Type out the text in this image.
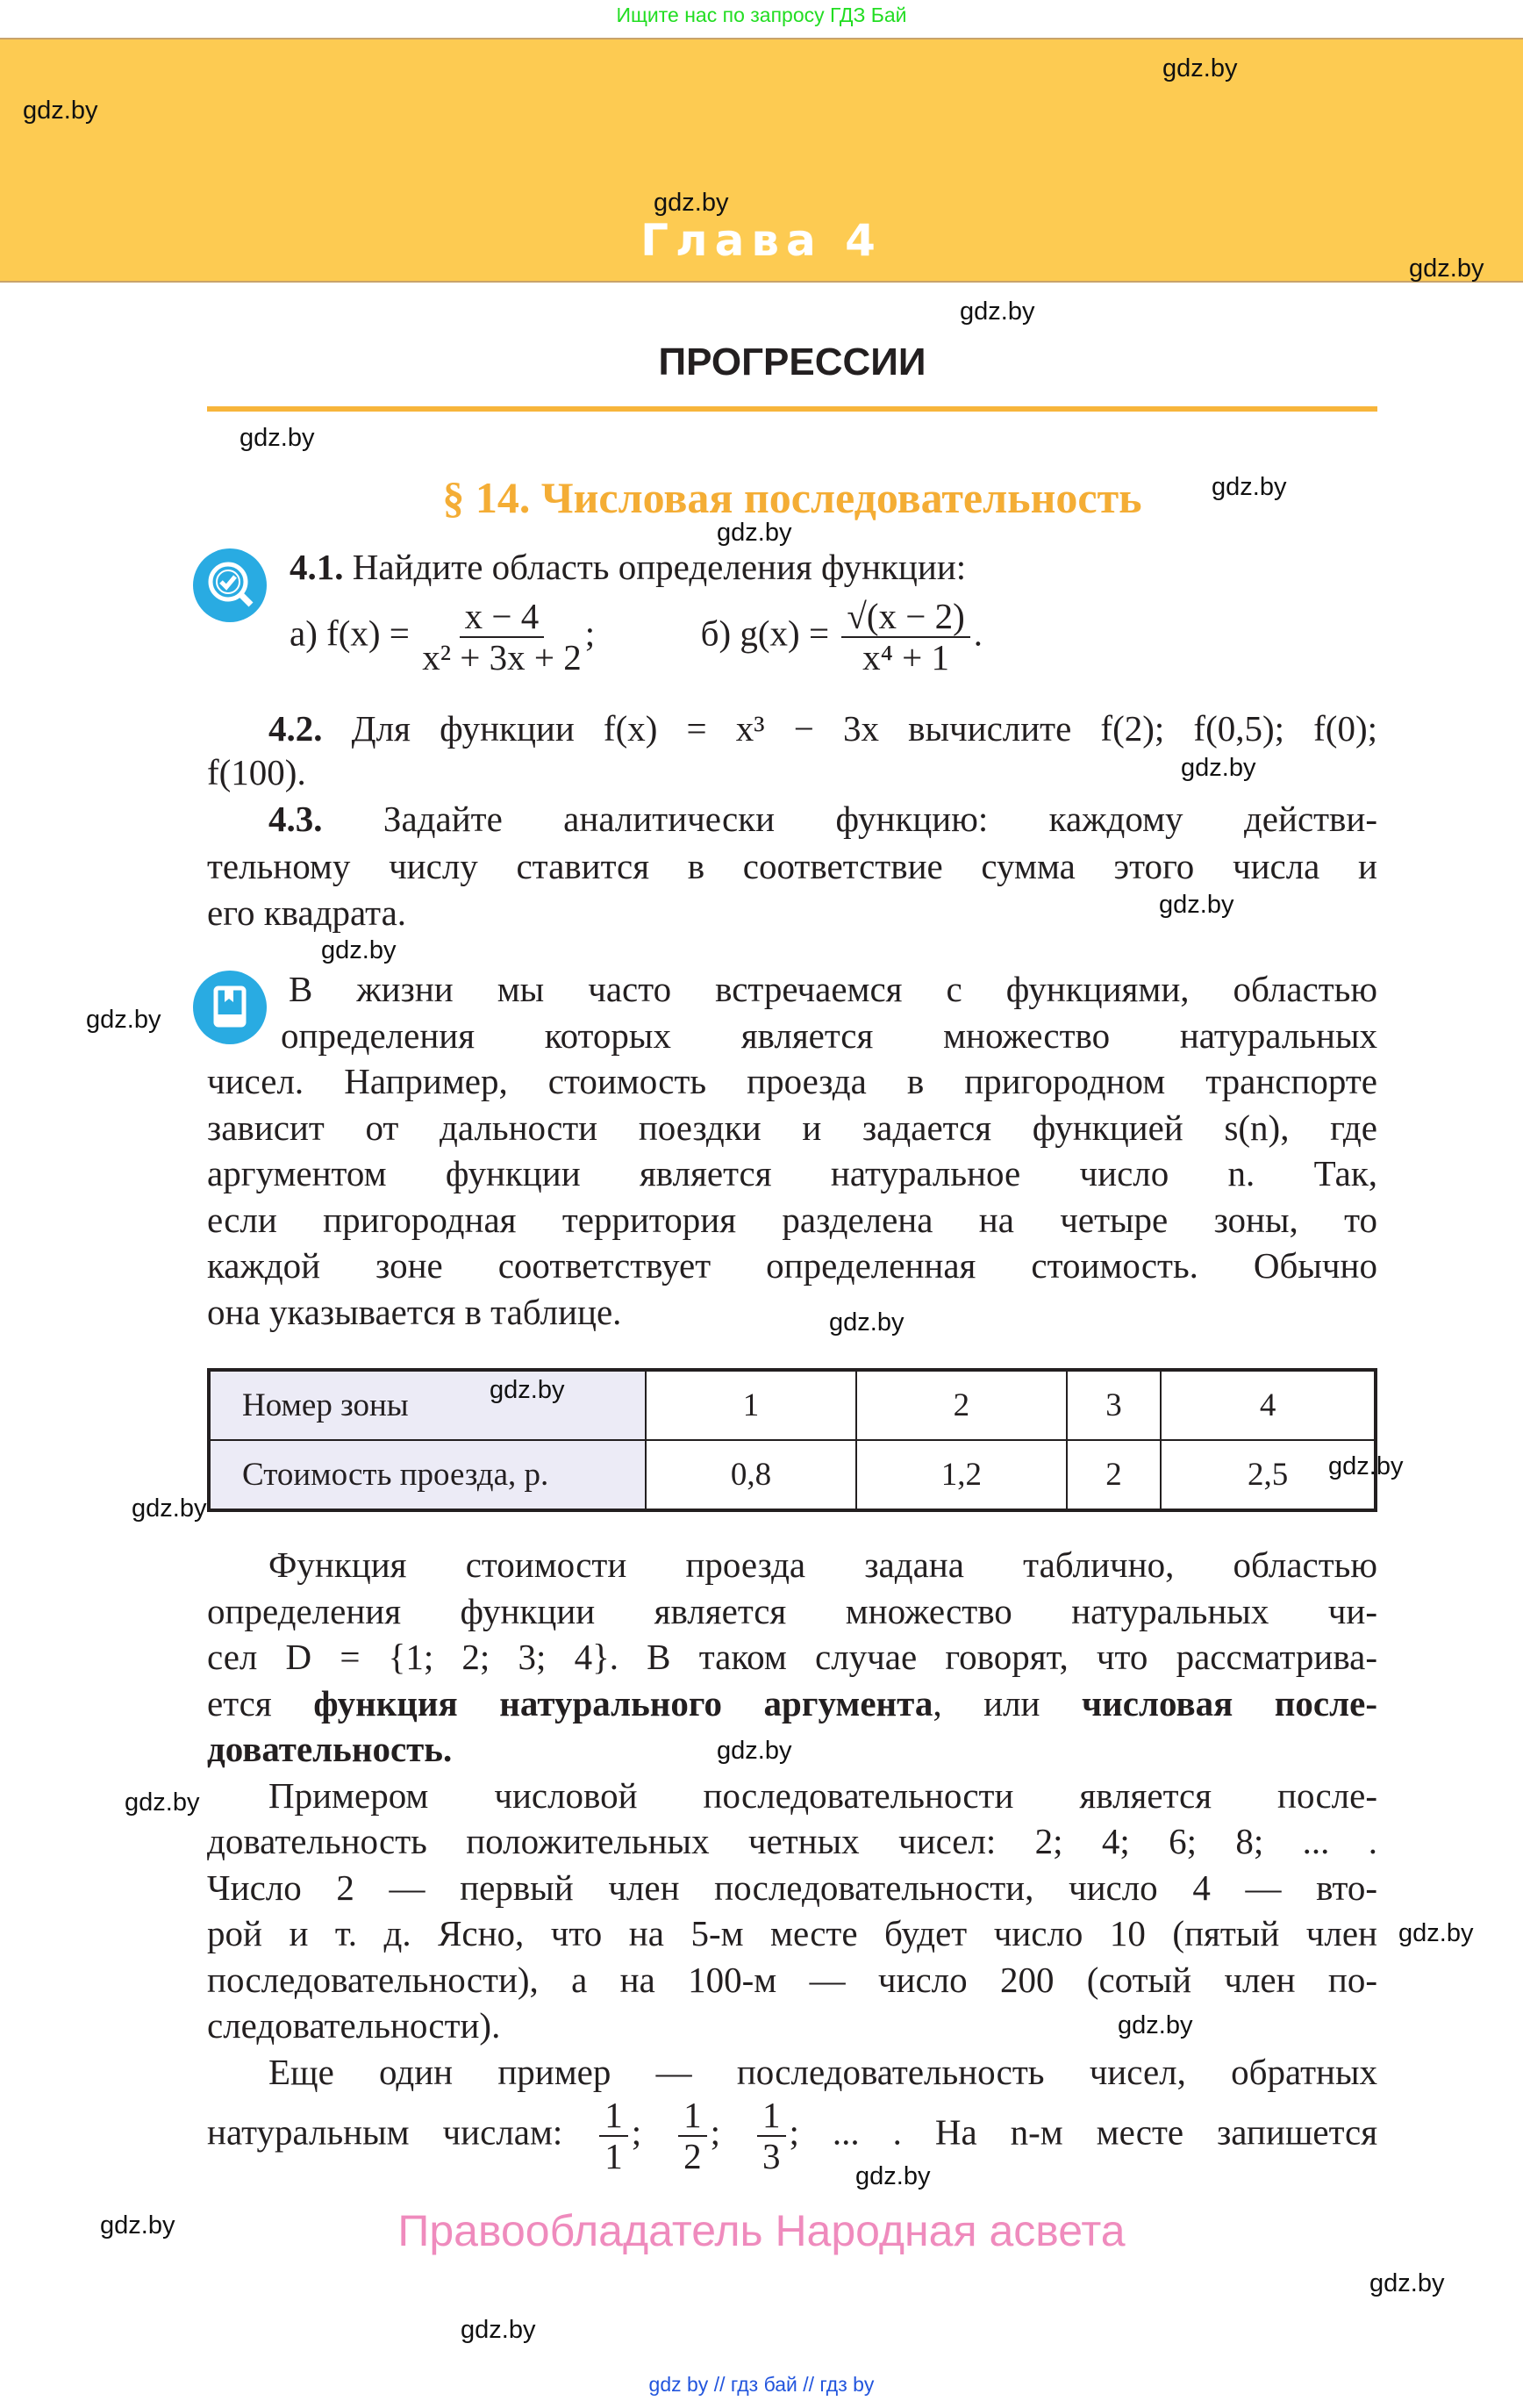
Ищите нас по запросу ГДЗ Бай
Глава 4
ПРОГРЕССИИ
§ 14. Числовая последовательность
4.1. Найдите область определения функции:
а) $f(x) = \frac{x - 4}{\text{x² + 3x + 2}}$ ;	б) $g(x) = \frac{√(x - 2)}{\text{x⁴ + 1}}$ .
4.2. Для функции f(x) = x³ − 3x вычислите f(2); f(0,5); f(0);
f(100).
4.3. Задайте аналитически функцию: каждому действи-
тельному числу ставится в соответствие сумма этого числа и
его квадрата.
В жизни мы часто встречаемся с функциями, областью
определения которых является множество натуральных
чисел. Например, стоимость проезда в пригородном транспорте
зависит от дальности поездки и задается функцией s(n), где
аргументом функции является натуральное число n. Так,
если пригородная территория разделена на четыре зоны, то
каждой зоне соответствует определенная стоимость. Обычно
она указывается в таблице.
Номер зоны	1	2	3	4
Стоимость проезда, р.	0,8	1,2	2	2,5
Функция стоимости проезда задана таблично, областью
определения функции является множество натуральных чи-
сел D = {1; 2; 3; 4}. В таком случае говорят, что рассматрива-
ется функция натурального аргумента, или числовая после-
довательность.
Примером числовой последовательности является после-
довательность положительных четных чисел: 2; 4; 6; 8; ... .
Число 2 — первый член последовательности, число 4 — вто-
рой и т. д. Ясно, что на 5-м месте будет число 10 (пятый член
последовательности), а на 100-м — число 200 (сотый член по-
следовательности).
Еще один пример — последовательность чисел, обратных
натуральным числам: $\frac{1}{1}$ ; $\frac{1}{2}$ ; $\frac{1}{3}$ ; ... . На n-м месте запишется
Правообладатель Народная асвета
gdz by // гдз бай // гдз by
gdz.by
gdz.by
gdz.by
gdz.by
gdz.by
gdz.by
gdz.by
gdz.by
gdz.by
gdz.by
gdz.by
gdz.by
gdz.by
gdz.by
gdz.by
gdz.by
gdz.by
gdz.by
gdz.by
gdz.by
gdz.by
gdz.by
gdz.by
gdz.by
